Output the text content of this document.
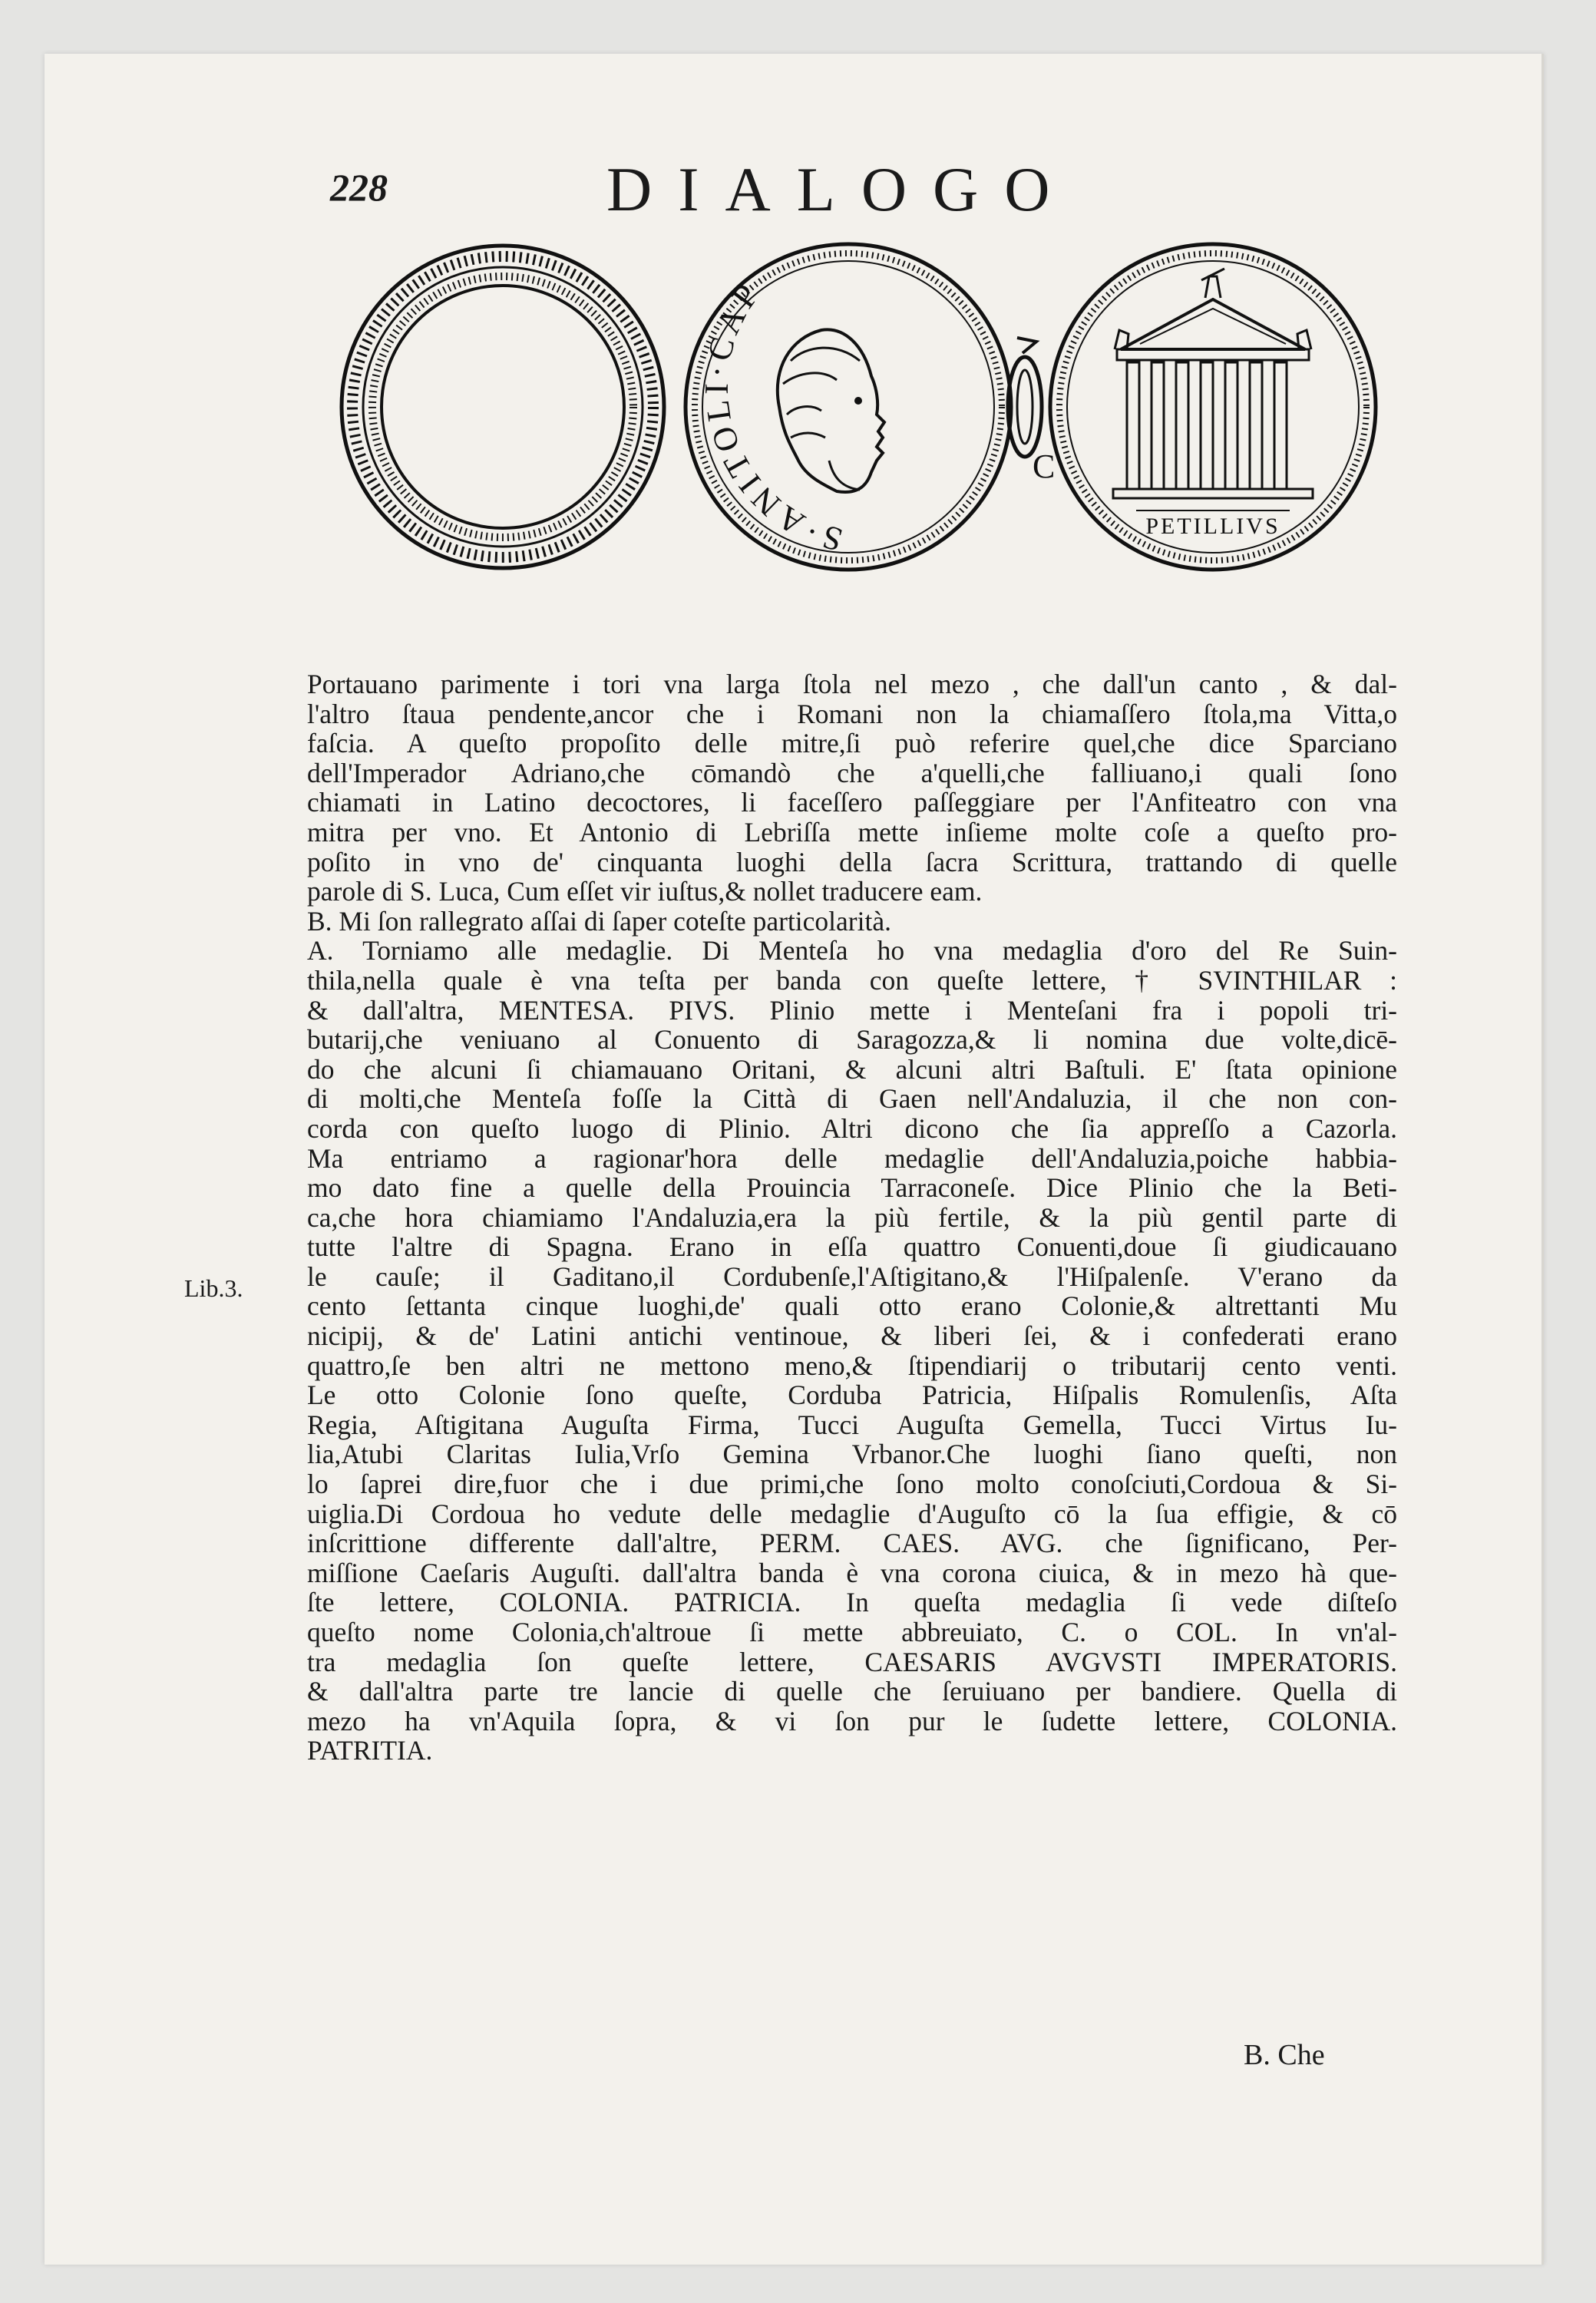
228	DIALOGO
S·ANITOLI·CAP
C
PETILLIVS
Portauano parimente i tori vna larga ſtola nel mezo , che dall'un canto , & dal-
l'altro ſtaua pendente,ancor che i Romani non la chiamaſſero ſtola,ma Vitta,o
faſcia. A queſto propoſito delle mitre,ſi può referire quel,che dice Sparciano
dell'Imperador Adriano,che cōmandò che a'quelli,che falliuano,i quali ſono
chiamati in Latino decoctores, li faceſſero paſſeggiare per l'Anfiteatro con vna
mitra per vno. Et Antonio di Lebriſſa mette inſieme molte coſe a queſto pro-
poſito in vno de' cinquanta luoghi della ſacra Scrittura, trattando di quelle
parole di S. Luca, Cum eſſet vir iuſtus,& nollet traducere eam.
B. Mi ſon rallegrato aſſai di ſaper coteſte particolarità.
A. Torniamo alle medaglie. Di Menteſa ho vna medaglia d'oro del Re Suin-
thila,nella quale è vna teſta per banda con queſte lettere, † SVINTHILAR :
& dall'altra, MENTESA. PIVS. Plinio mette i Menteſani fra i popoli tri-
butarij,che veniuano al Conuento di Saragozza,& li nomina due volte,dicē-
do che alcuni ſi chiamauano Oritani, & alcuni altri Baſtuli. E' ſtata opinione
di molti,che Menteſa foſſe la Città di Gaen nell'Andaluzia, il che non con-
corda con queſto luogo di Plinio. Altri dicono che ſia appreſſo a Cazorla.
Ma entriamo a ragionar'hora delle medaglie dell'Andaluzia,poiche habbia-
mo dato fine a quelle della Prouincia Tarraconeſe. Dice Plinio che la Beti-
ca,che hora chiamiamo l'Andaluzia,era la più fertile, & la più gentil parte di
tutte l'altre di Spagna. Erano in eſſa quattro Conuenti,doue ſi giudicauano
le cauſe; il Gaditano,il Cordubenſe,l'Aſtigitano,& l'Hiſpalenſe. V'erano da
cento ſettanta cinque luoghi,de' quali otto erano Colonie,& altrettanti Mu
nicipij, & de' Latini antichi ventinoue, & liberi ſei, & i confederati erano
quattro,ſe ben altri ne mettono meno,& ſtipendiarij o tributarij cento venti.
Le otto Colonie ſono queſte, Corduba Patricia, Hiſpalis Romulenſis, Aſta
Regia, Aſtigitana Auguſta Firma, Tucci Auguſta Gemella, Tucci Virtus Iu-
lia,Atubi Claritas Iulia,Vrſo Gemina Vrbanor.Che luoghi ſiano queſti, non
lo ſaprei dire,fuor che i due primi,che ſono molto conoſciuti,Cordoua & Si-
uiglia.Di Cordoua ho vedute delle medaglie d'Auguſto cō la ſua effigie, & cō
inſcrittione differente dall'altre, PERM. CAES. AVG. che ſignificano, Per-
miſſione Caeſaris Auguſti. dall'altra banda è vna corona ciuica, & in mezo hà que-
ſte lettere, COLONIA. PATRICIA. In queſta medaglia ſi vede diſteſo
queſto nome Colonia,ch'altroue ſi mette abbreuiato, C. o COL. In vn'al-
tra medaglia ſon queſte lettere, CAESARIS AVGVSTI IMPERATORIS.
& dall'altra parte tre lancie di quelle che ſeruiuano per bandiere. Quella di
mezo ha vn'Aquila ſopra, & vi ſon pur le ſudette lettere, COLONIA.
PATRITIA.
Lib.3.
B. Che
